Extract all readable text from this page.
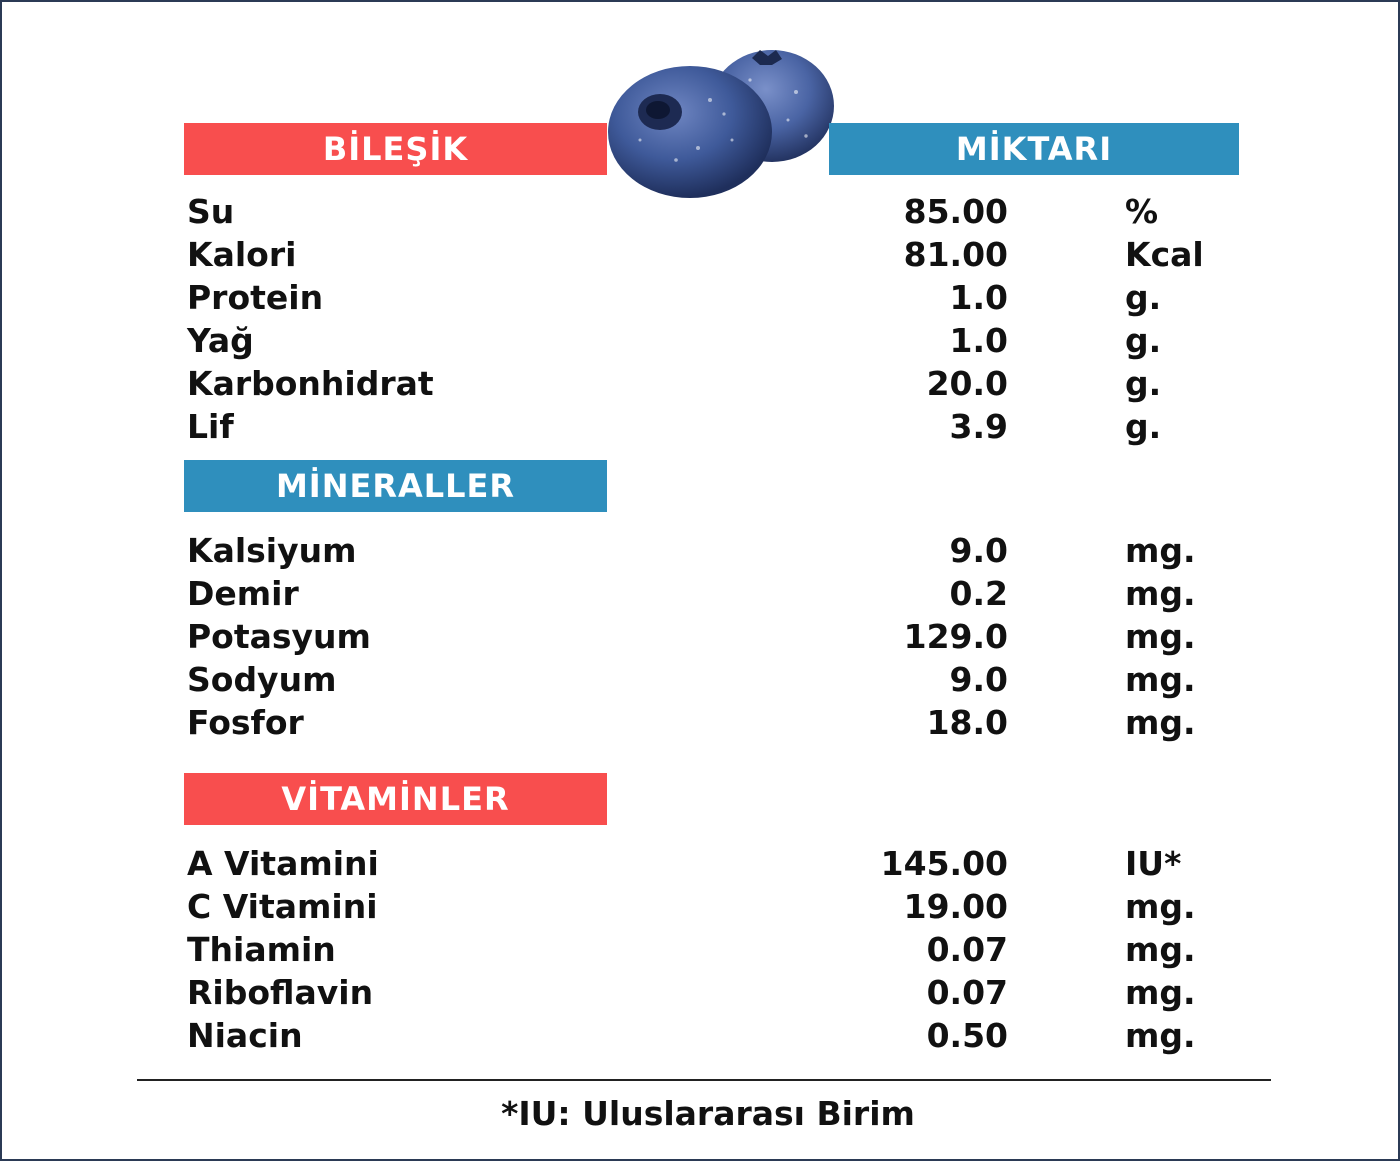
BİLEŞİK	MİKTARI
Su	85.00	%
Kalori	81.00	Kcal
Protein	1.0	g.
Yağ	1.0	g.
Karbonhidrat	20.0	g.
Lif	3.9	g.
MİNERALLER
Kalsiyum	9.0	mg.
Demir	0.2	mg.
Potasyum	129.0	mg.
Sodyum	9.0	mg.
Fosfor	18.0	mg.
VİTAMİNLER
A Vitamini	145.00	IU*
C Vitamini	19.00	mg.
Thiamin	0.07	mg.
Riboflavin	0.07	mg.
Niacin	0.50	mg.
*IU: Uluslararası Birim
